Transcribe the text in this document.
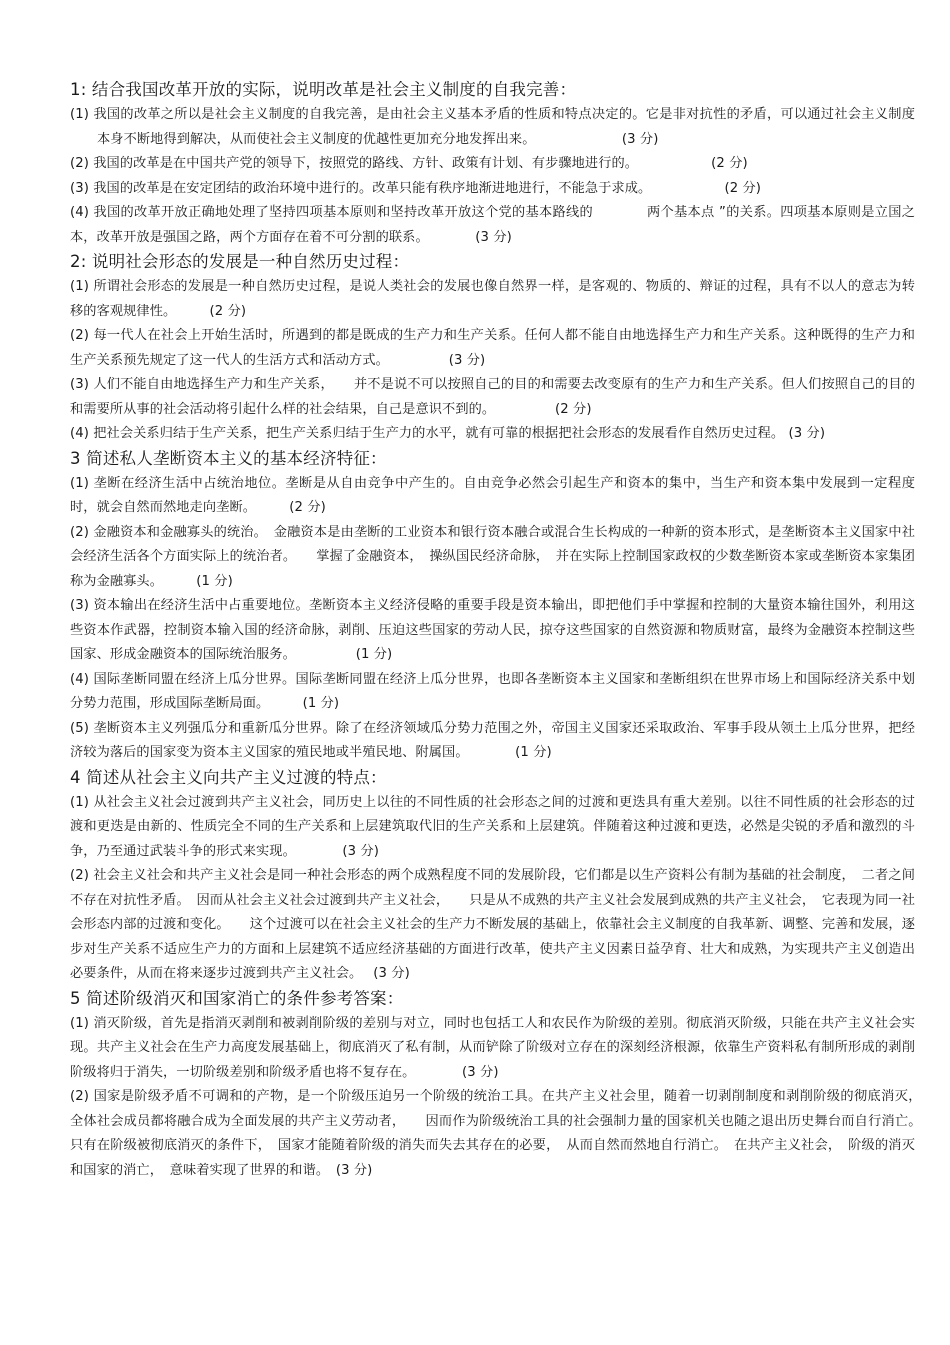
1: 结合我国改革开放的实际，说明改革是社会主义制度的自我完善：

(1) 我国的改革之所以是社会主义制度的自我完善，是由社会主义基本矛盾的性质和特点决定的。它是非对抗性的矛盾，可以通过社会主义制度本身不断地得到解决，从而使社会主义制度的优越性更加充分地发挥出来。　　　　　　　(3 分)

(2) 我国的改革是在中国共产党的领导下，按照党的路线、方针、政策有计划、有步骤地进行的。　　　　　　(2 分)

(3) 我国的改革是在安定团结的政治环境中进行的。改革只能有秩序地渐进地进行，不能急于求成。　　　　　　(2 分)

(4) 我国的改革开放正确地处理了坚持四项基本原则和坚持改革开放这个党的基本路线的　　　　两个基本点 ”的关系。四项基本原则是立国之本，改革开放是强国之路，两个方面存在着不可分割的联系。　　　　(3 分)

2: 说明社会形态的发展是一种自然历史过程：

(1) 所谓社会形态的发展是一种自然历史过程，是说人类社会的发展也像自然界一样，是客观的、物质的、辩证的过程，具有不以人的意志为转移的客观规律性。　　　(2 分)

(2) 每一代人在社会上开始生活时，所遇到的都是既成的生产力和生产关系。任何人都不能自由地选择生产力和生产关系。这种既得的生产力和生产关系预先规定了这一代人的生活方式和活动方式。　　　　　(3 分)

(3) 人们不能自由地选择生产力和生产关系，　　并不是说不可以按照自己的目的和需要去改变原有的生产力和生产关系。但人们按照自己的目的和需要所从事的社会活动将引起什么样的社会结果，自己是意识不到的。　　　　　(2 分)

(4) 把社会关系归结于生产关系，把生产关系归结于生产力的水平，就有可靠的根据把社会形态的发展看作自然历史过程。 (3 分)

3 简述私人垄断资本主义的基本经济特征：

(1) 垄断在经济生活中占统治地位。垄断是从自由竞争中产生的。自由竞争必然会引起生产和资本的集中，当生产和资本集中发展到一定程度时，就会自然而然地走向垄断。　　　(2 分)

(2) 金融资本和金融寡头的统治。　金融资本是由垄断的工业资本和银行资本融合或混合生长构成的一种新的资本形式，是垄断资本主义国家中社会经济生活各个方面实际上的统治者。　　掌握了金融资本，　操纵国民经济命脉，　并在实际上控制国家政权的少数垄断资本家或垄断资本家集团称为金融寡头。　　　(1 分)

(3) 资本输出在经济生活中占重要地位。垄断资本主义经济侵略的重要手段是资本输出，即把他们手中掌握和控制的大量资本输往国外，利用这些资本作武器，控制资本输入国的经济命脉，剥削、压迫这些国家的劳动人民，掠夺这些国家的自然资源和物质财富，最终为金融资本控制这些国家、形成金融资本的国际统治服务。　　　　　(1 分)

(4) 国际垄断同盟在经济上瓜分世界。国际垄断同盟在经济上瓜分世界，也即各垄断资本主义国家和垄断组织在世界市场上和国际经济关系中划分势力范围，形成国际垄断局面。　　　(1 分)

(5) 垄断资本主义列强瓜分和重新瓜分世界。除了在经济领域瓜分势力范围之外，帝国主义国家还采取政治、军事手段从领土上瓜分世界，把经济较为落后的国家变为资本主义国家的殖民地或半殖民地、附属国。　　　　(1 分)

4 简述从社会主义向共产主义过渡的特点：

(1) 从社会主义社会过渡到共产主义社会，同历史上以往的不同性质的社会形态之间的过渡和更迭具有重大差别。以往不同性质的社会形态的过渡和更迭是由新的、性质完全不同的生产关系和上层建筑取代旧的生产关系和上层建筑。伴随着这种过渡和更迭，必然是尖锐的矛盾和激烈的斗争，乃至通过武装斗争的形式来实现。　　　　(3 分)

(2) 社会主义社会和共产主义社会是同一种社会形态的两个成熟程度不同的发展阶段，它们都是以生产资料公有制为基础的社会制度，　二者之间不存在对抗性矛盾。　因而从社会主义社会过渡到共产主义社会，　　只是从不成熟的共产主义社会发展到成熟的共产主义社会，　它表现为同一社会形态内部的过渡和变化。　　这个过渡可以在社会主义社会的生产力不断发展的基础上，依靠社会主义制度的自我革新、调整、完善和发展，逐步对生产关系不适应生产力的方面和上层建筑不适应经济基础的方面进行改革，使共产主义因素日益孕育、壮大和成熟，为实现共产主义创造出必要条件，从而在将来逐步过渡到共产主义社会。　 (3 分)

5 简述阶级消灭和国家消亡的条件参考答案：

(1) 消灭阶级，首先是指消灭剥削和被剥削阶级的差别与对立，同时也包括工人和农民作为阶级的差别。彻底消灭阶级，只能在共产主义社会实现。共产主义社会在生产力高度发展基础上，彻底消灭了私有制，从而铲除了阶级对立存在的深刻经济根源，依靠生产资料私有制所形成的剥削阶级将归于消失，一切阶级差别和阶级矛盾也将不复存在。　　　　(3 分)

(2) 国家是阶级矛盾不可调和的产物，是一个阶级压迫另一个阶级的统治工具。在共产主义社会里，随着一切剥削制度和剥削阶级的彻底消灭，　全体社会成员都将融合成为全面发展的共产主义劳动者，　　因而作为阶级统治工具的社会强制力量的国家机关也随之退出历史舞台而自行消亡。　　只有在阶级被彻底消灭的条件下，　国家才能随着阶级的消失而失去其存在的必要，　从而自然而然地自行消亡。　在共产主义社会，　阶级的消灭和国家的消亡，　意味着实现了世界的和谐。　(3 分)
